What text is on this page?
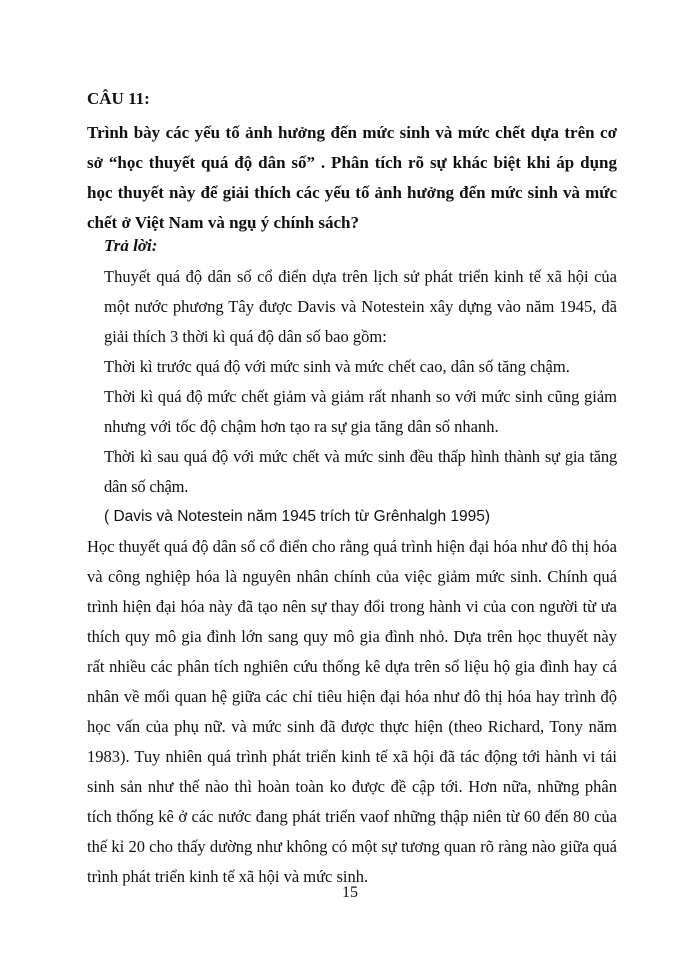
CÂU 11:
Trình bày các yếu tố ảnh hưởng đến mức sinh và mức chết dựa trên cơ sở “học thuyết quá độ dân số” . Phân tích rõ sự khác biệt khi áp dụng học thuyết này để giải thích các yếu tố ảnh hưởng đến mức sinh và mức chết ở Việt Nam và ngụ ý chính sách?
Trả lời:

Thuyết quá độ dân số cổ điển dựa trên lịch sử phát triển kinh tế xã hội của một nước phương Tây được Davis và Notestein xây dựng vào năm 1945, đã giải thích 3 thời kì quá độ dân số bao gồm:

Thời kì trước quá độ với mức sinh và mức chết cao, dân số tăng chậm.

Thời kì quá độ mức chết giảm và giảm rất nhanh so với mức sinh cũng giảm nhưng với tốc độ chậm hơn tạo ra sự gia tăng dân số nhanh.

Thời kì sau quá độ với mức chết và mức sinh đều thấp hình thành sự gia tăng dân số chậm.

( Davis và Notestein năm 1945 trích từ Grênhalgh 1995)

Học thuyết quá độ dân số cổ điển cho rằng quá trình hiện đại hóa như đô thị hóa và công nghiệp hóa là nguyên nhân chính của việc giảm mức sinh. Chính quá trình hiện đại hóa này đã tạo nên sự thay đổi trong hành vi của con người từ ưa thích quy mô gia đình lớn sang quy mô gia đình nhỏ. Dựa trên học thuyết này rất nhiều các phân tích nghiên cứu thống kê dựa trên số liệu hộ gia đình hay cá nhân về mối quan hệ giữa các chỉ tiêu hiện đại hóa như đô thị hóa hay trình độ học vấn của phụ nữ. và mức sinh đã được thực hiện (theo Richard, Tony năm 1983). Tuy nhiên quá trình phát triển kinh tế xã hội đã tác động tới hành vi tái sinh sản như thế nào thì hoàn toàn ko được đề cập tới. Hơn nữa, những phân tích thống kê ở các nước đang phát triển vaof những thập niên từ 60 đến 80 của thế kỉ 20 cho thấy dường như không có một sự tương quan rõ ràng nào giữa quá trình phát triển kinh tế xã hội và mức sinh.

15
